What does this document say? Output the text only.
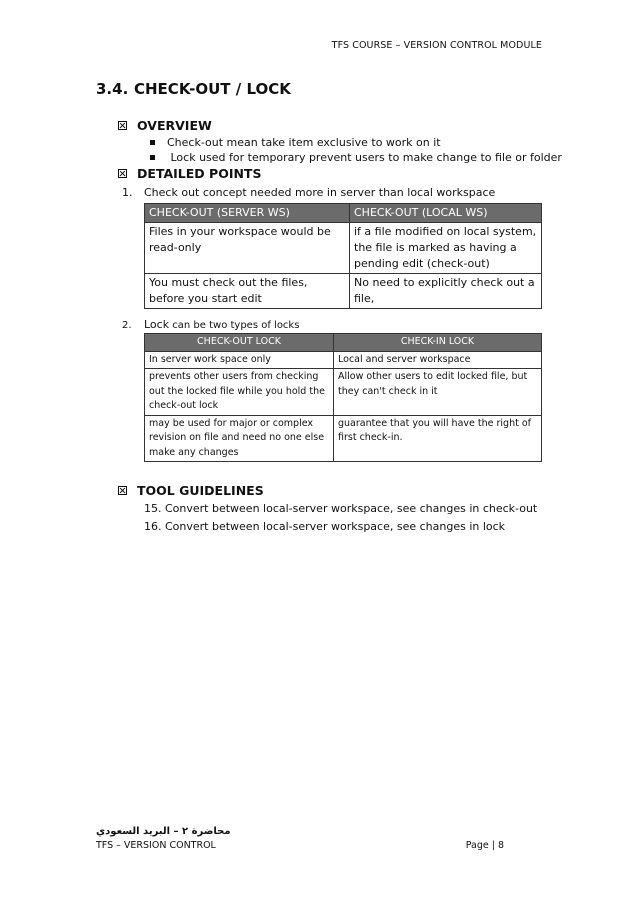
TFS COURSE – VERSION CONTROL MODULE
3.4. CHECK-OUT / LOCK
OVERVIEW
Check-out mean take item exclusive to work on it
Lock used for temporary prevent users to make change to file or folder
DETAILED POINTS
1. Check out concept needed more in server than local workspace
CHECK-OUT (SERVER WS)	CHECK-OUT (LOCAL WS)
Files in your workspace would be read-only	if a file modified on local system, the file is marked as having a pending edit (check-out)
You must check out the files, before you start edit	No need to explicitly check out a file,
2. Lock can be two types of locks
CHECK-OUT LOCK	CHECK-IN LOCK
In server work space only	Local and server workspace
prevents other users from checking out the locked file while you hold the check-out lock	Allow other users to edit locked file, but they can't check in it
may be used for major or complex revision on file and need no one else make any changes	guarantee that you will have the right of first check-in.
TOOL GUIDELINES
15. Convert between local-server workspace, see changes in check-out
16. Convert between local-server workspace, see changes in lock
محاضرة ٢ – البريد السعودي
TFS – VERSION CONTROL	Page | 8
